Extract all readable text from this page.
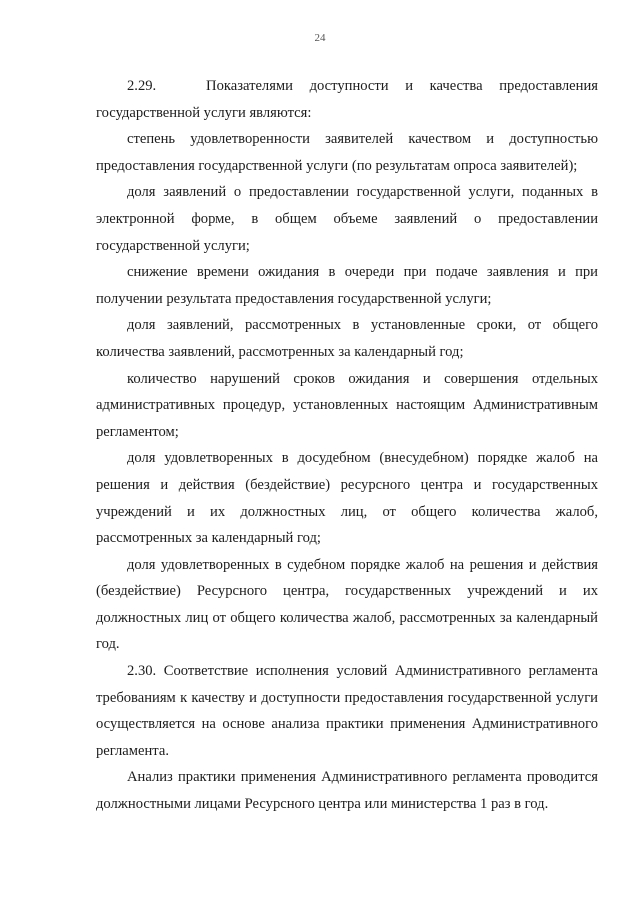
24

2.29.   Показателями доступности и качества предоставления государственной услуги являются:

степень удовлетворенности заявителей качеством и доступностью предоставления государственной услуги (по результатам опроса заявителей);

доля заявлений о предоставлении государственной услуги, поданных в электронной форме, в общем объеме заявлений о предоставлении государственной услуги;

снижение времени ожидания в очереди при подаче заявления и при получении результата предоставления государственной услуги;

доля заявлений, рассмотренных в установленные сроки, от общего количества заявлений, рассмотренных за календарный год;

количество нарушений сроков ожидания и совершения отдельных административных процедур, установленных настоящим Административным регламентом;

доля удовлетворенных в досудебном (внесудебном) порядке жалоб на решения и действия (бездействие) ресурсного центра и государственных учреждений и их должностных лиц, от общего количества жалоб, рассмотренных за календарный год;

доля удовлетворенных в судебном порядке жалоб на решения и действия (бездействие) Ресурсного центра, государственных учреждений и их должностных лиц от общего количества жалоб, рассмотренных за календарный год.

2.30. Соответствие исполнения условий Административного регламента требованиям к качеству и доступности предоставления государственной услуги осуществляется на основе анализа практики применения Административного регламента.

Анализ практики применения Административного регламента проводится должностными лицами Ресурсного центра или министерства 1 раз в год.
